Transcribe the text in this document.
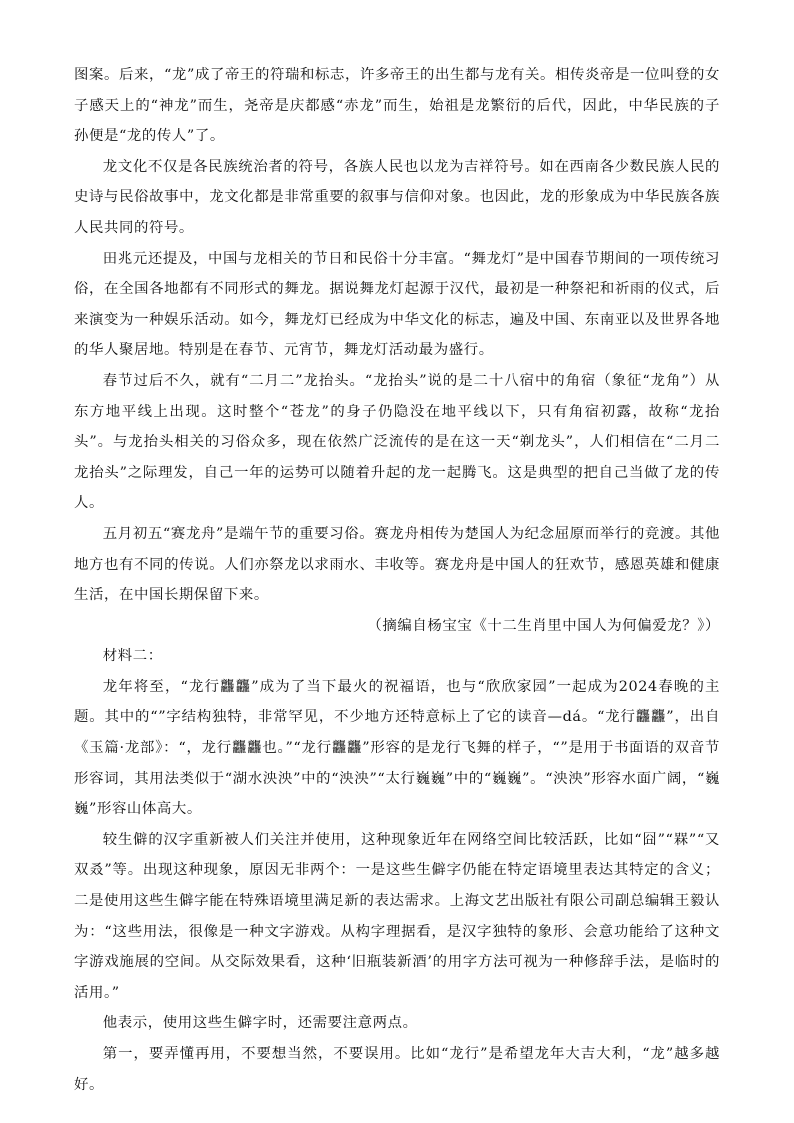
图案。后来，“龙”成了帝王的符瑞和标志，许多帝王的出生都与龙有关。相传炎帝是一位叫登的女子感天上的“神龙”而生，尧帝是庆都感“赤龙”而生，始祖是龙繁衍的后代，因此，中华民族的子孙便是“龙的传人”了。

龙文化不仅是各民族统治者的符号，各族人民也以龙为吉祥符号。如在西南各少数民族人民的史诗与民俗故事中，龙文化都是非常重要的叙事与信仰对象。也因此，龙的形象成为中华民族各族人民共同的符号。

田兆元还提及，中国与龙相关的节日和民俗十分丰富。“舞龙灯”是中国春节期间的一项传统习俗，在全国各地都有不同形式的舞龙。据说舞龙灯起源于汉代，最初是一种祭祀和祈雨的仪式，后来演变为一种娱乐活动。如今，舞龙灯已经成为中华文化的标志，遍及中国、东南亚以及世界各地的华人聚居地。特别是在春节、元宵节，舞龙灯活动最为盛行。

春节过后不久，就有“二月二”龙抬头。“龙抬头”说的是二十八宿中的角宿（象征“龙角”）从东方地平线上出现。这时整个“苍龙”的身子仍隐没在地平线以下，只有角宿初露，故称“龙抬头”。与龙抬头相关的习俗众多，现在依然广泛流传的是在这一天“剃龙头”，人们相信在“二月二龙抬头”之际理发，自己一年的运势可以随着升起的龙一起腾飞。这是典型的把自己当做了龙的传人。

五月初五“赛龙舟”是端午节的重要习俗。赛龙舟相传为楚国人为纪念屈原而举行的竞渡。其他地方也有不同的传说。人们亦祭龙以求雨水、丰收等。赛龙舟是中国人的狂欢节，感恩英雄和健康生活，在中国长期保留下来。

（摘编自杨宝宝《十二生肖里中国人为何偏爱龙？》）

材料二：

龙年将至，“龙行龘龘”成为了当下最火的祝福语，也与“欣欣家园”一起成为2024春晚的主题。其中的“”字结构独特，非常罕见，不少地方还特意标上了它的读音—dá。“龙行龘龘”，出自《玉篇·龙部》：“，龙行龘龘也。”“龙行龘龘”形容的是龙行飞舞的样子，“”是用于书面语的双音节形容词，其用法类似于“湖水泱泱”中的“泱泱”“太行巍巍”中的“巍巍”。“泱泱”形容水面广阔，“巍巍”形容山体高大。

较生僻的汉字重新被人们关注并使用，这种现象近年在网络空间比较活跃，比如“囧”“槑”“又双叒”等。出现这种现象，原因无非两个：一是这些生僻字仍能在特定语境里表达其特定的含义；二是使用这些生僻字能在特殊语境里满足新的表达需求。上海文艺出版社有限公司副总编辑王毅认为：“这些用法，很像是一种文字游戏。从构字理据看，是汉字独特的象形、会意功能给了这种文字游戏施展的空间。从交际效果看，这种‘旧瓶装新酒’的用字方法可视为一种修辞手法，是临时的活用。”

他表示，使用这些生僻字时，还需要注意两点。

第一，要弄懂再用，不要想当然，不要误用。比如“龙行”是希望龙年大吉大利，“龙”越多越好。
